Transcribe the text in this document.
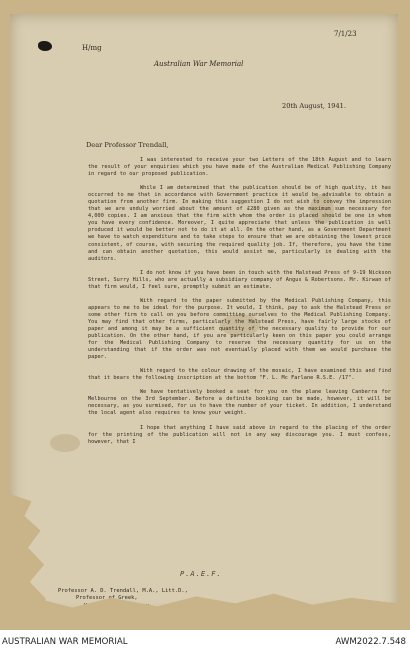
H/mg
Australian War Memorial
7/1/23
20th August, 1941.
Dear Professor Trendall,

I was interested to receive your two Letters of the 18th August and to learn the result of your enquiries which you have made of the Australian Medical Publishing Company in regard to our proposed publication.

While I am determined that the publication should be of high quality, it has occurred to me that in accordance with Government practice it would be advisable to obtain a quotation from another firm. In making this suggestion I do not wish to convey the impression that we are unduly worried about the amount of £280 given as the maximum sum necessary for 4,000 copies. I am anxious that the firm with whom the order is placed should be one in whom you have every confidence. Moreover, I quite appreciate that unless the publication is well produced it would be better not to do it at all. On the other hand, as a Government Department we have to watch expenditure and to take steps to ensure that we are obtaining the lowest price consistent, of course, with securing the required quality job. If, therefore, you have the time and can obtain another quotation, this would assist me, particularly in dealing with the auditors.

I do not know if you have been in touch with the Halstead Press of 9-19 Nickson Street, Surry Hills, who are actually a subsidiary company of Angus & Robertsons. Mr. Kirwan of that firm would, I feel sure, promptly submit an estimate.

With regard to the paper submitted by the Medical Publishing Company, this appears to me to be ideal for the purpose. It would, I think, pay to ask the Halstead Press or some other firm to call on you before committing ourselves to the Medical Publishing Company. You may find that other firms, particularly the Halstead Press, have fairly large stocks of paper and among it may be a sufficient quantity of the necessary quality to provide for our publication. On the other hand, if you are particularly keen on this paper you could arrange for the Medical Publishing Company to reserve the necessary quantity for us on the understanding that if the order was not eventually placed with them we would purchase the paper.

With regard to the colour drawing of the mosaic, I have examined this and find that it bears the following inscription at the bottom "F. L. Mc Farlane R.S.E. /17".

We have tentatively booked a seat for you on the plane leaving Canberra for Melbourne on the 3rd September. Before a definite booking can be made, however, it will be necessary, as you surmised, for us to have the number of your ticket. In addition, I understand the local agent also requires to know your weight.

I hope that anything I have said above in regard to the placing of the order for the printing of the publication will not in any way discourage you. I must confess, however, that I

P.A.E.F.
Professor A. D. Trendall, M.A., Litt.D.,
Professor of Greek,
AUSTRALIAN WAR MEMORIAL	AWM2022.7.548
